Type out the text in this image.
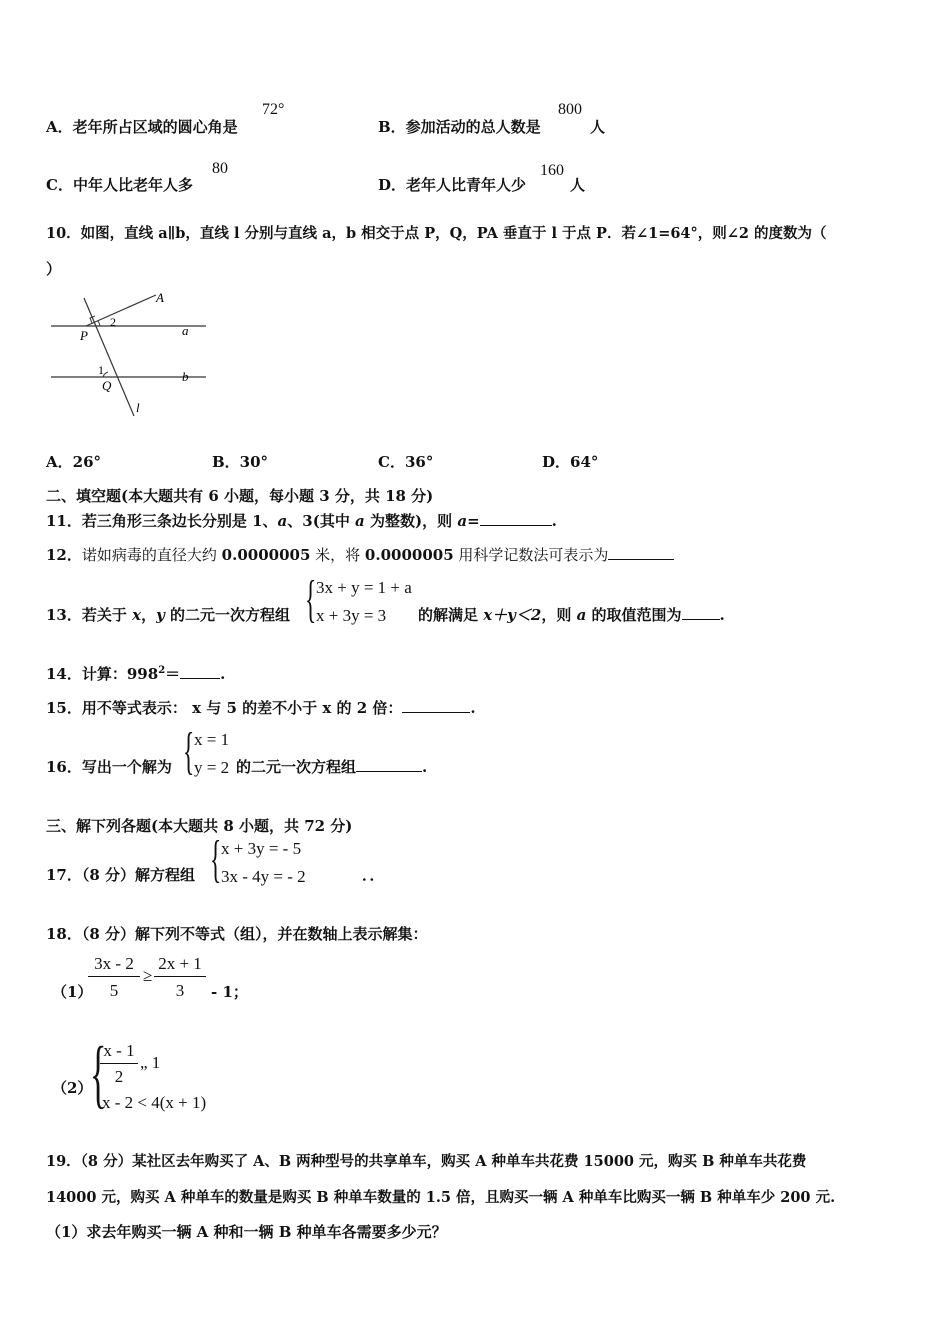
A．老年所占区域的圆心角是
72°
B．参加活动的总人数是
800
人
C．中年人比老年人多
80
D．老年人比青年人少
160
人
10．如图，直线 a∥b，直线 l 分别与直线 a，b 相交于点 P，Q，PA 垂直于 l 于点 P．若∠1=64°，则∠2 的度数为（
）
A
2
a
P
1
Q
b
l
A．26°	B．30°	C．36°	D．64°
二、填空题(本大题共有 6 小题，每小题 3 分，共 18 分)
11．若三角形三条边长分别是 1、a、3(其中 a 为整数)，则 a=	.
12．诺如病毒的直径大约 0.0000005 米，将 0.0000005 用科学记数法可表示为
13．若关于 x，y 的二元一次方程组 { 3x + y = 1 + a
x + 3y = 3 的解满足 x＋y＜2，则 a 的取值范围为	.
14．计算：$998^2=$	.
15．用不等式表示： x 与 5 的差不小于 x 的 2 倍：	.
16．写出一个解为 { x = 1
y = 2 的二元一次方程组	.
三、解下列各题(本大题共 8 小题，共 72 分)
17．（8 分）解方程组 { x + 3y = - 5
3x - 4y = - 2	．．
18．（8 分）解下列不等式（组），并在数轴上表示解集：
（1）
3x - 2
5
≥
2x + 1
3	- 1；
（2）
{
x - 1
2
„ 1
x - 2 < 4(x + 1)
19．（8 分）某社区去年购买了 A、B 两种型号的共享单车，购买 A 种单车共花费 15000 元，购买 B 种单车共花费
14000 元，购买 A 种单车的数量是购买 B 种单车数量的 1.5 倍，且购买一辆 A 种单车比购买一辆 B 种单车少 200 元.
（1）求去年购买一辆 A 种和一辆 B 种单车各需要多少元？
